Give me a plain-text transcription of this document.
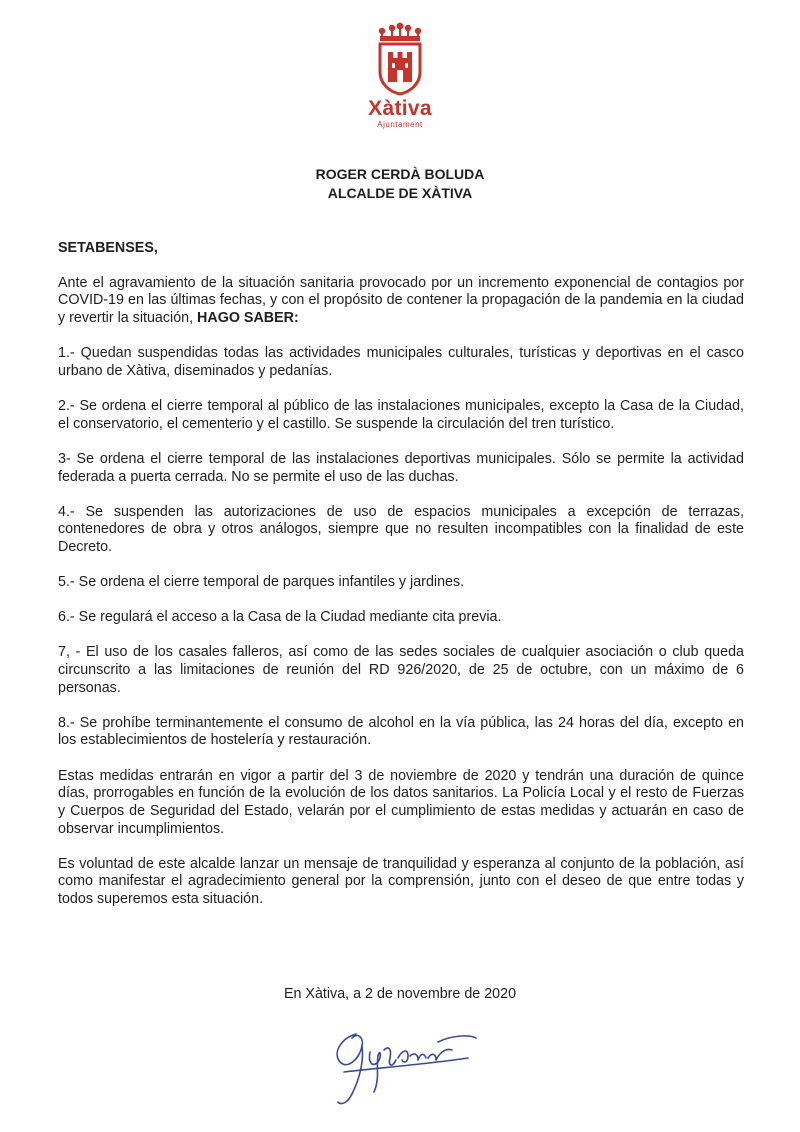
Xàtiva
Ajuntament
ROGER CERDÀ BOLUDA
ALCALDE DE XÀTIVA

SETABENSES,

Ante el agravamiento de la situación sanitaria provocado por un incremento exponencial de contagios por COVID-19 en las últimas fechas, y con el propósito de contener la propagación de la pandemia en la ciudad y revertir la situación, HAGO SABER:

1.- Quedan suspendidas todas las actividades municipales culturales, turísticas y deportivas en el casco urbano de Xàtiva, diseminados y pedanías.

2.- Se ordena el cierre temporal al público de las instalaciones municipales, excepto la Casa de la Ciudad, el conservatorio, el cementerio y el castillo. Se suspende la circulación del tren turístico.

3- Se ordena el cierre temporal de las instalaciones deportivas municipales. Sólo se permite la actividad federada a puerta cerrada. No se permite el uso de las duchas.

4.- Se suspenden las autorizaciones de uso de espacios municipales a excepción de terrazas, contenedores de obra y otros análogos, siempre que no resulten incompatibles con la finalidad de este Decreto.

5.- Se ordena el cierre temporal de parques infantiles y jardines.

6.- Se regulará el acceso a la Casa de la Ciudad mediante cita previa.

7, - El uso de los casales falleros, así como de las sedes sociales de cualquier asociación o club queda circunscrito a las limitaciones de reunión del RD 926/2020, de 25 de octubre, con un máximo de 6 personas.

8.- Se prohíbe terminantemente el consumo de alcohol en la vía pública, las 24 horas del día, excepto en los establecimientos de hostelería y restauración.

Estas medidas entrarán en vigor a partir del 3 de noviembre de 2020 y tendrán una duración de quince días, prorrogables en función de la evolución de los datos sanitarios. La Policía Local y el resto de Fuerzas y Cuerpos de Seguridad del Estado, velarán por el cumplimiento de estas medidas y actuarán en caso de observar incumplimientos.

Es voluntad de este alcalde lanzar un mensaje de tranquilidad y esperanza al conjunto de la población, así como manifestar el agradecimiento general por la comprensión, junto con el deseo de que entre todas y todos superemos esta situación.

En Xàtiva, a 2 de novembre de 2020
